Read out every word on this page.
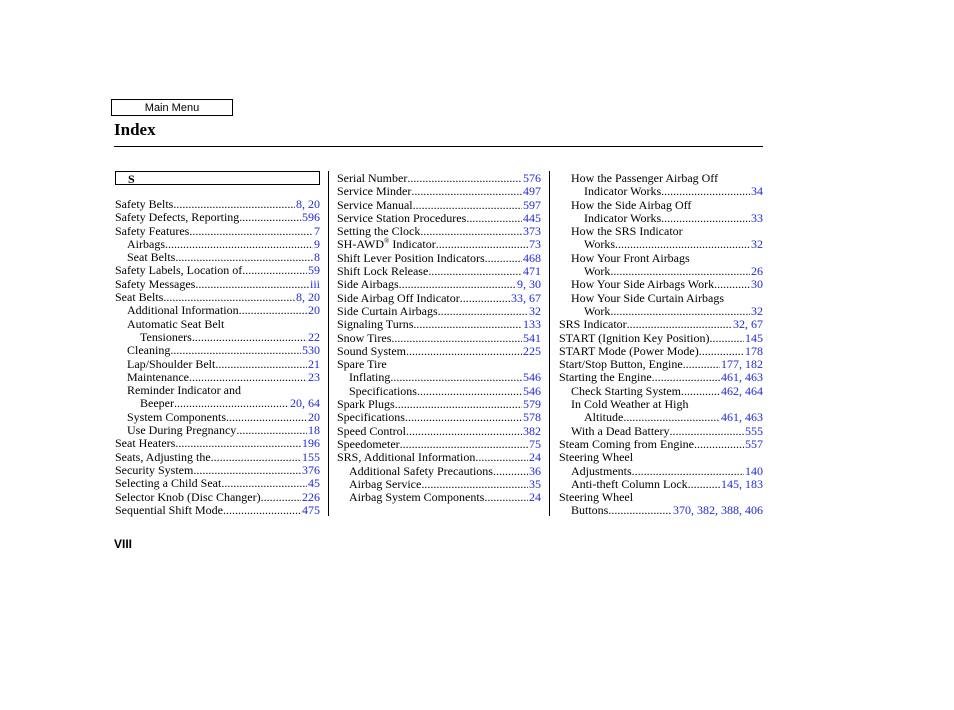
Main Menu
Index
S
Safety Belts .....	8, 20
Safety Defects, Reporting .....	596
Safety Features .....	7
Airbags .....	9
Seat Belts .....	8
Safety Labels, Location of .....	59
Safety Messages .....	iii
Seat Belts .....	8, 20
Additional Information .....	20
Automatic Seat Belt
Tensioners .....	22
Cleaning .....	530
Lap/Shoulder Belt .....	21
Maintenance .....	23
Reminder Indicator and
Beeper .....	20, 64
System Components .....	20
Use During Pregnancy .....	18
Seat Heaters .....	196
Seats, Adjusting the .....	155
Security System .....	376
Selecting a Child Seat .....	45
Selector Knob (Disc Changer) .....	226
Sequential Shift Mode .....	475
Serial Number .....	576
Service Minder .....	497
Service Manual .....	597
Service Station Procedures .....	445
Setting the Clock .....	373
SH-AWD® Indicator .....	73
Shift Lever Position Indicators .....	468
Shift Lock Release .....	471
Side Airbags .....	9, 30
Side Airbag Off Indicator .....	33, 67
Side Curtain Airbags .....	32
Signaling Turns .....	133
Snow Tires .....	541
Sound System .....	225
Spare Tire
Inflating .....	546
Specifications .....	546
Spark Plugs .....	579
Specifications .....	578
Speed Control .....	382
Speedometer .....	75
SRS, Additional Information .....	24
Additional Safety Precautions .....	36
Airbag Service .....	35
Airbag System Components .....	24
How the Passenger Airbag Off
Indicator Works .....	34
How the Side Airbag Off
Indicator Works .....	33
How the SRS Indicator
Works .....	32
How Your Front Airbags
Work .....	26
How Your Side Airbags Work .....	30
How Your Side Curtain Airbags
Work .....	32
SRS Indicator .....	32, 67
START (Ignition Key Position) .....	145
START Mode (Power Mode) .....	178
Start/Stop Button, Engine .....	177, 182
Starting the Engine .....	461, 463
Check Starting System .....	462, 464
In Cold Weather at High
Altitude .....	461, 463
With a Dead Battery .....	555
Steam Coming from Engine .....	557
Steering Wheel
Adjustments .....	140
Anti-theft Column Lock .....	145, 183
Steering Wheel
Buttons .....	370, 382, 388, 406
VIII
